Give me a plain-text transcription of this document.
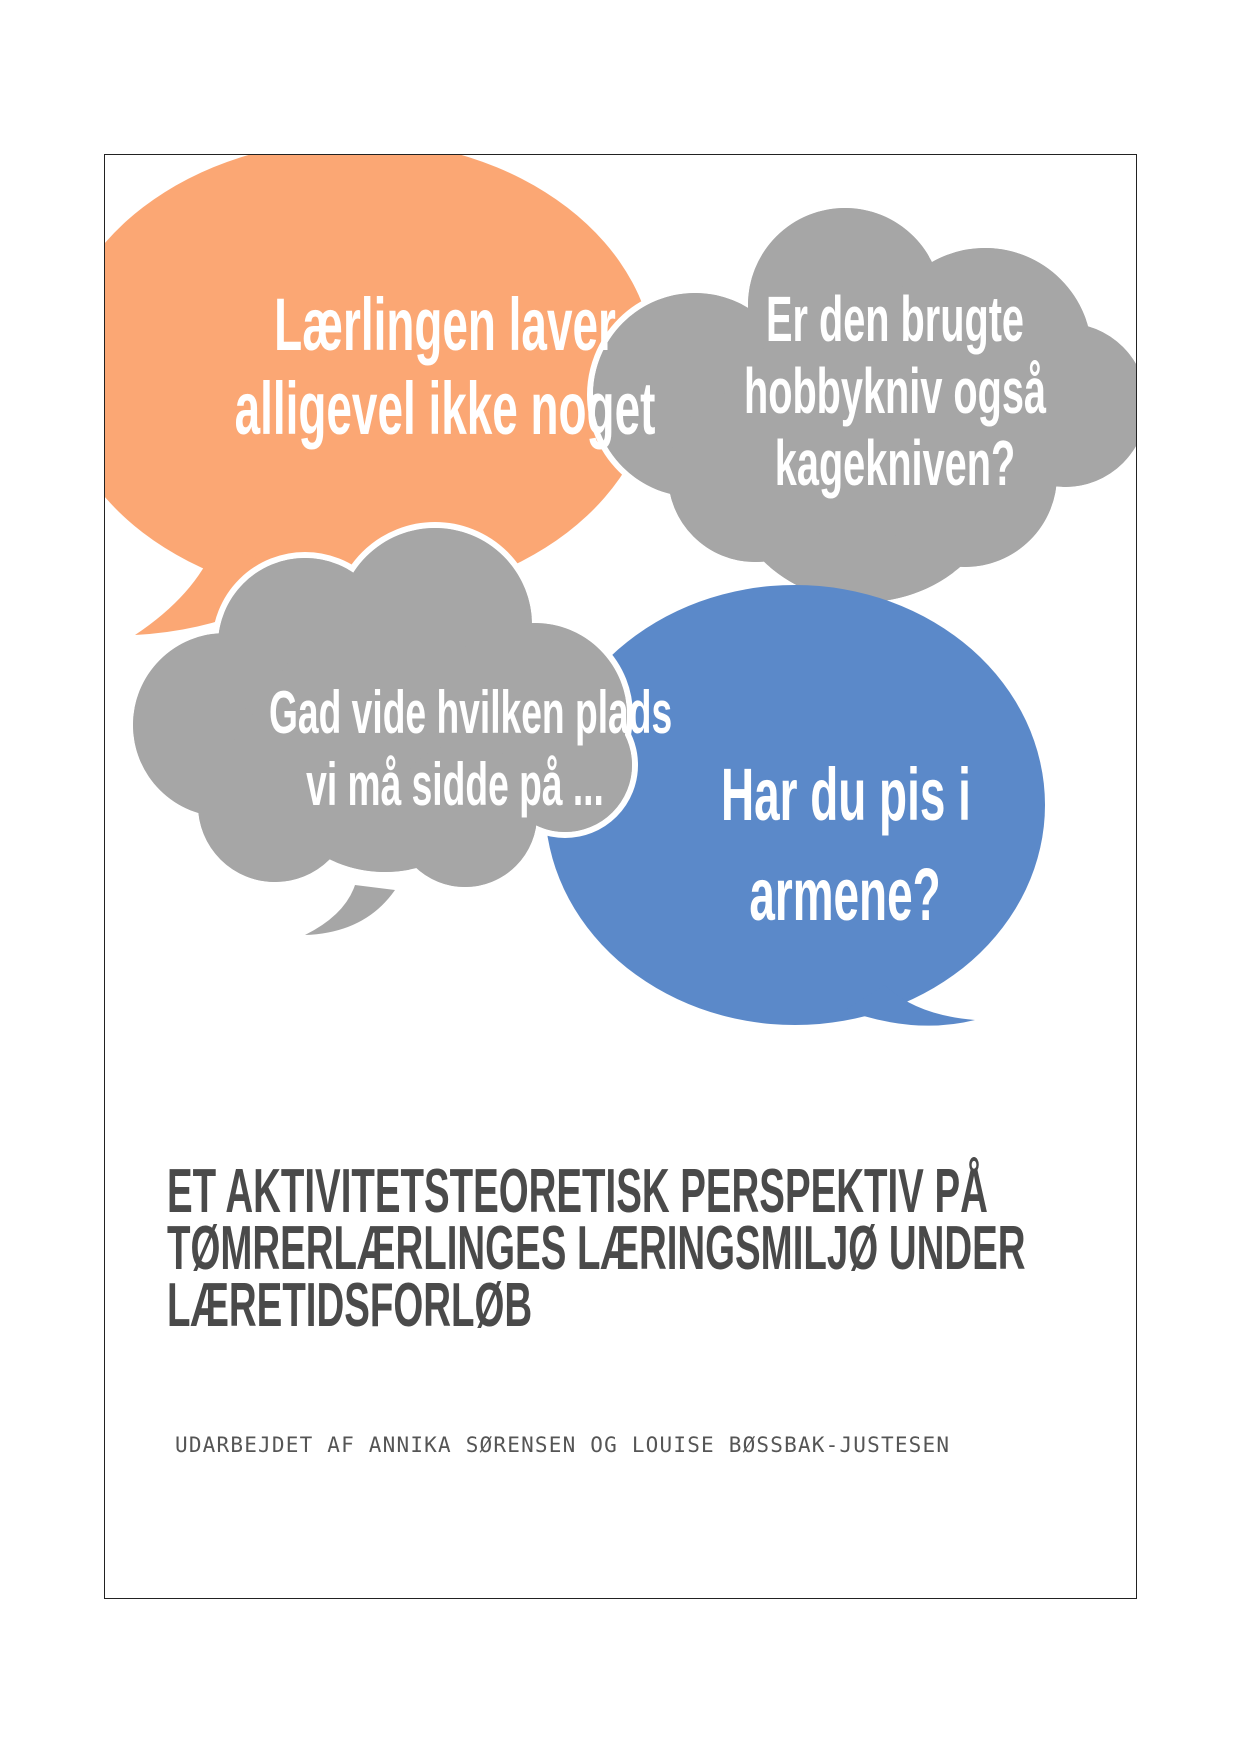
Lærlingen laver
alligevel ikke noget
Er den brugte
hobbykniv også
kagekniven?
Gad vide hvilken plads
vi må sidde på ...	Har du pis i
armene?
ET AKTIVITETSTEORETISK PERSPEKTIV PÅ
TØMRERLÆRLINGES LÆRINGSMILJØ UNDER
LÆRETIDSFORLØB
UDARBEJDET AF ANNIKA SØRENSEN OG LOUISE BØSSBAK-JUSTESEN
